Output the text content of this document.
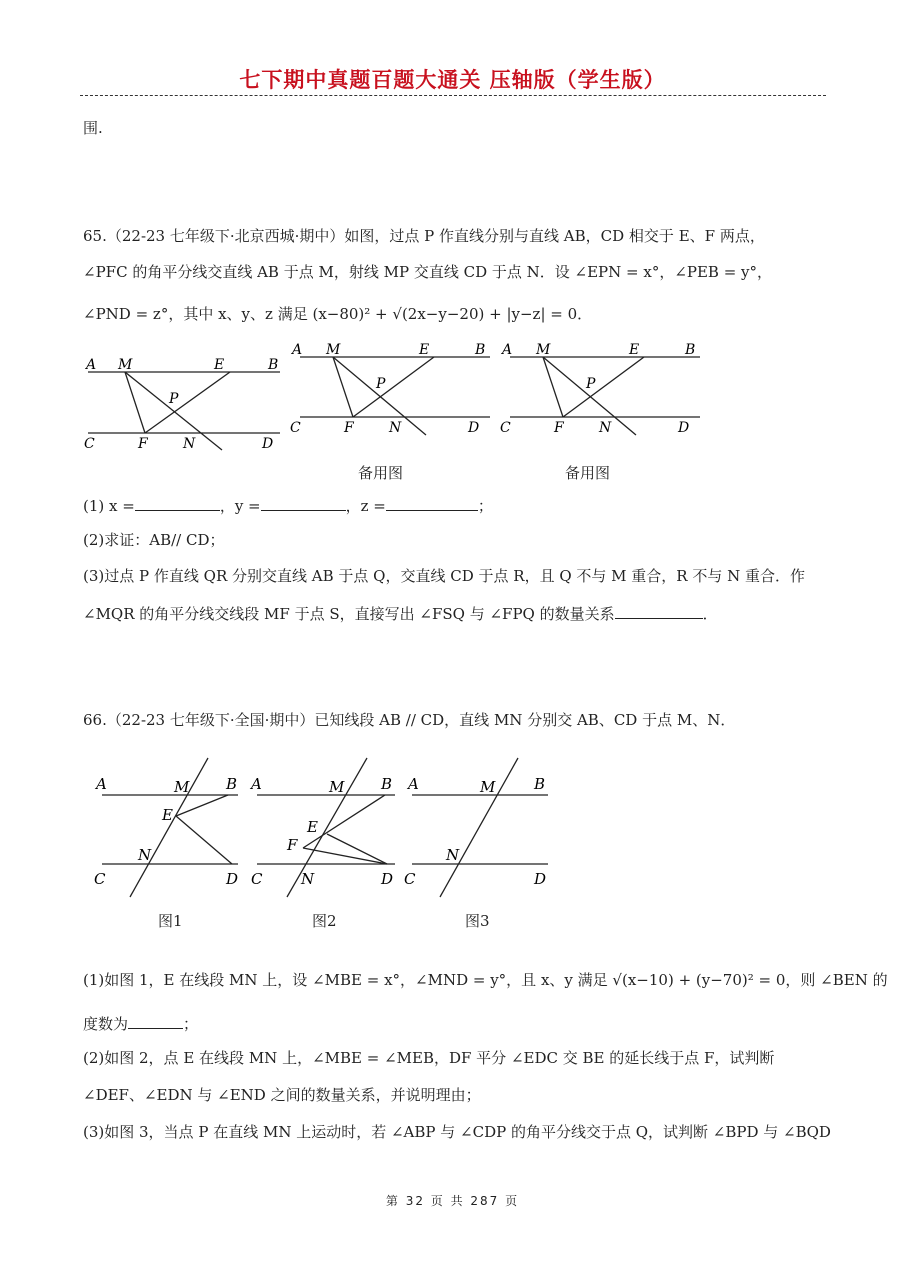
七下期中真题百题大通关 压轴版（学生版）
围.
65.（22-23 七年级下·北京西城·期中）如图，过点 P 作直线分别与直线 AB，CD 相交于 E、F 两点，
∠PFC 的角平分线交直线 AB 于点 M，射线 MP 交直线 CD 于点 N．设 ∠EPN = x°，∠PEB = y°，
∠PND = z°，其中 x、y、z 满足 (x−80)² + √(2x−y−20) + |y−z| = 0．
A M	E	B
P
C	F	N	D
A M	E	B
P
C	F	N	D
A M	E	B
P
C	F	N	D
备用图	备用图
(1) x =	，y =	，z =	；
(2)求证：AB// CD；
(3)过点 P 作直线 QR 分别交直线 AB 于点 Q，交直线 CD 于点 R，且 Q 不与 M 重合，R 不与 N 重合．作
∠MQR 的角平分线交线段 MF 于点 S，直接写出 ∠FSQ 与 ∠FPQ 的数量关系	．
66.（22-23 七年级下·全国·期中）已知线段 AB // CD，直线 MN 分别交 AB、CD 于点 M、N．
A	M B
E
N
C	D
A	M B
E
F
C	N	D
A	M	B
N
C	D
图1	图2	图3
(1)如图 1，E 在线段 MN 上，设 ∠MBE = x°，∠MND = y°，且 x、y 满足 √(x−10) + (y−70)² = 0，则 ∠BEN 的
度数为	；
(2)如图 2，点 E 在线段 MN 上，∠MBE = ∠MEB，DF 平分 ∠EDC 交 BE 的延长线于点 F，试判断
∠DEF、∠EDN 与 ∠END 之间的数量关系，并说明理由；
(3)如图 3，当点 P 在直线 MN 上运动时，若 ∠ABP 与 ∠CDP 的角平分线交于点 Q，试判断 ∠BPD 与 ∠BQD
第 32 页 共 287 页
